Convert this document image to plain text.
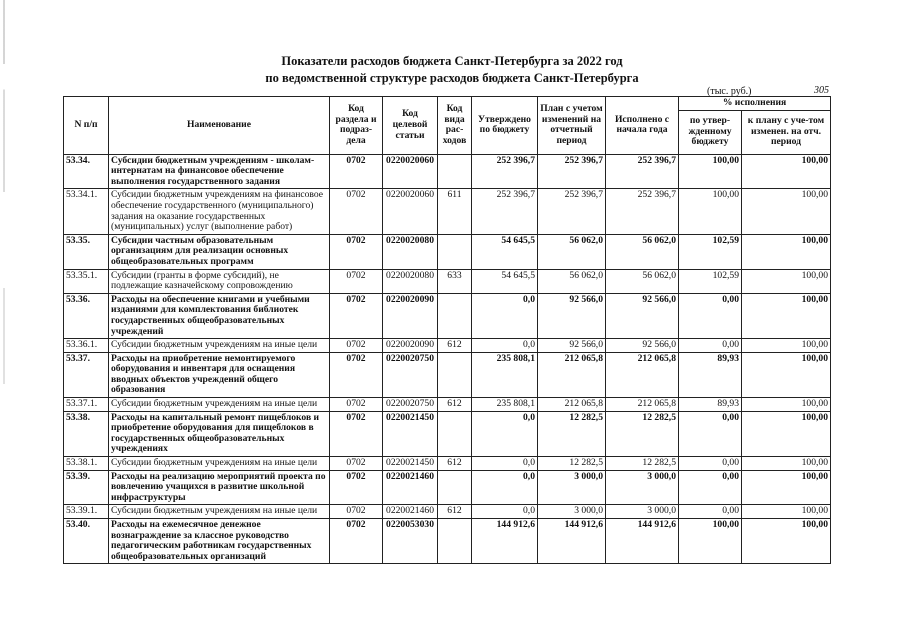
Показатели расходов бюджета Санкт-Петербурга за 2022 год
по ведомственной структуре расходов бюджета Санкт-Петербурга
(тыс. руб.)	305
N п/п	Наименование	Код раздела и подраз-дела	Код целевой статьи	Код вида рас-ходов	Утверждено по бюджету	План с учетом изменений на отчетный период	Исполнено с начала года	% исполнения	
								по утвер-жденному бюджету	к плану с уче-том изменен. на отч. период
53.34.	Субсидии бюджетным учреждениям - школам-интернатам на финансовое обеспечение выполнения государственного задания	0702	0220020060		252 396,7	252 396,7	252 396,7	100,00	100,00
53.34.1.	Субсидии бюджетным учреждениям на финансовое обеспечение государственного (муниципального) задания на оказание государственных (муниципальных) услуг (выполнение работ)	0702	0220020060	611	252 396,7	252 396,7	252 396,7	100,00	100,00
53.35.	Субсидии частным образовательным организациям для реализации основных общеобразовательных программ	0702	0220020080		54 645,5	56 062,0	56 062,0	102,59	100,00
53.35.1.	Субсидии (гранты в форме субсидий), не подлежащие казначейскому сопровождению	0702	0220020080	633	54 645,5	56 062,0	56 062,0	102,59	100,00
53.36.	Расходы на обеспечение книгами и учебными изданиями для комплектования библиотек государственных общеобразовательных учреждений	0702	0220020090		0,0	92 566,0	92 566,0	0,00	100,00
53.36.1.	Субсидии бюджетным учреждениям на иные цели	0702	0220020090	612	0,0	92 566,0	92 566,0	0,00	100,00
53.37.	Расходы на приобретение немонтируемого оборудования и инвентаря для оснащения вводных объектов учреждений общего образования	0702	0220020750		235 808,1	212 065,8	212 065,8	89,93	100,00
53.37.1.	Субсидии бюджетным учреждениям на иные цели	0702	0220020750	612	235 808,1	212 065,8	212 065,8	89,93	100,00
53.38.	Расходы на капитальный ремонт пищеблоков и приобретение оборудования для пищеблоков в государственных общеобразовательных учреждениях	0702	0220021450		0,0	12 282,5	12 282,5	0,00	100,00
53.38.1.	Субсидии бюджетным учреждениям на иные цели	0702	0220021450	612	0,0	12 282,5	12 282,5	0,00	100,00
53.39.	Расходы на реализацию мероприятий проекта по вовлечению учащихся в развитие школьной инфраструктуры	0702	0220021460		0,0	3 000,0	3 000,0	0,00	100,00
53.39.1.	Субсидии бюджетным учреждениям на иные цели	0702	0220021460	612	0,0	3 000,0	3 000,0	0,00	100,00
53.40.	Расходы на ежемесячное денежное вознаграждение за классное руководство педагогическим работникам государственных общеобразовательных организаций	0702	0220053030		144 912,6	144 912,6	144 912,6	100,00	100,00
